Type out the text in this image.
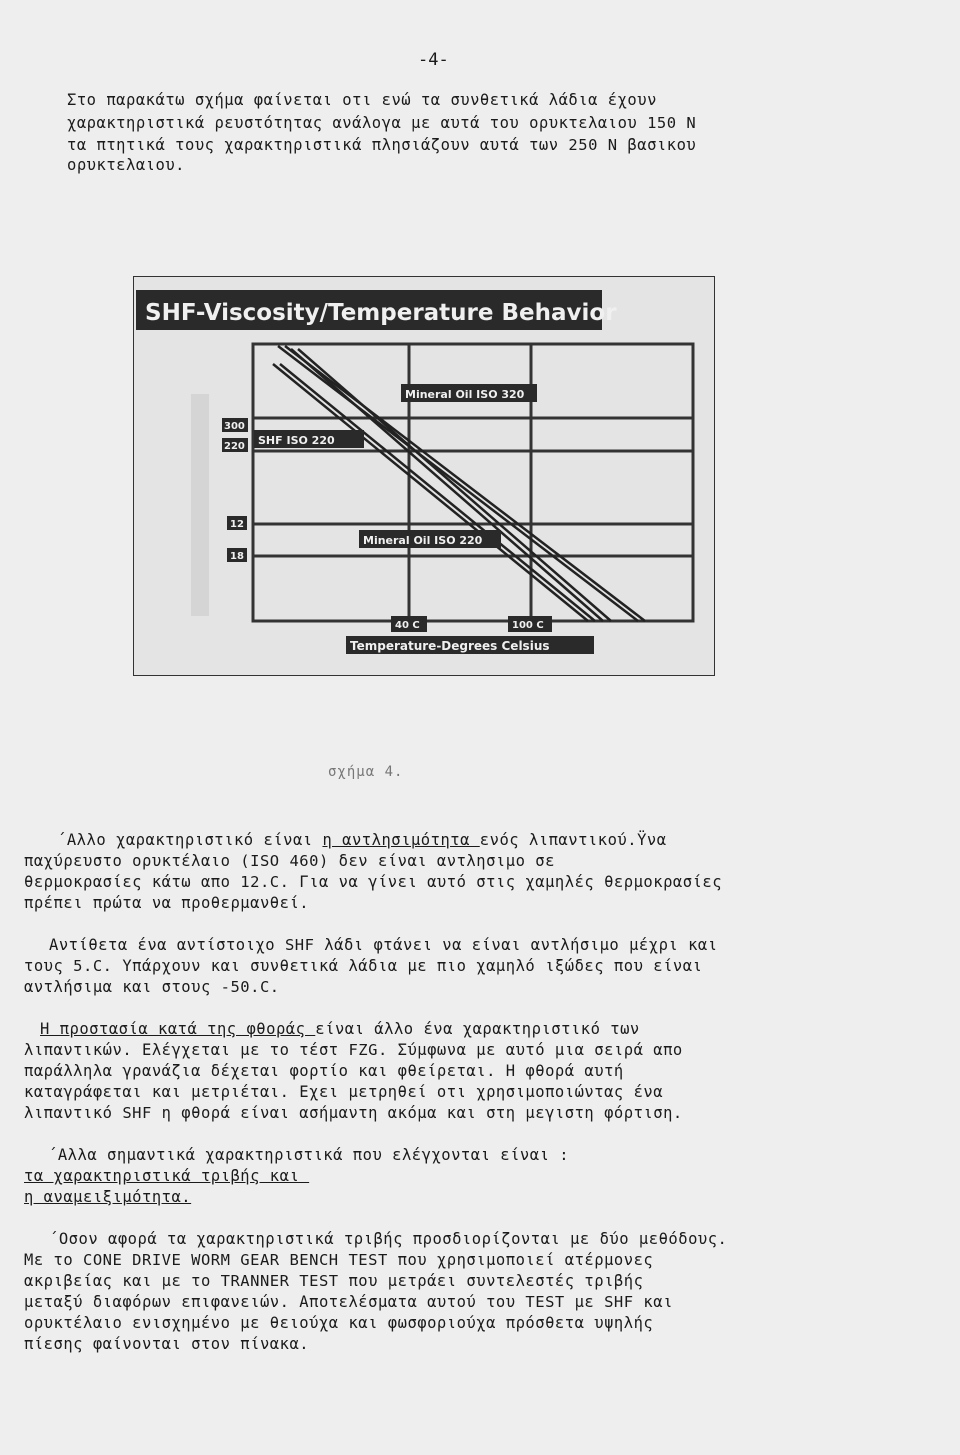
-4-
Στο παρακάτω σχήμα φαίνεται οτι ενώ τα συνθετικά λάδια έχουν
χαρακτηριστικά ρευστότητας ανάλογα με αυτά του ορυκτελαιου 150 N
τα πτητικά τους χαρακτηριστικά πλησιάζουν αυτά των 250 N βασικου
ορυκτελαιου.
SHF-Viscosity/Temperature Behavior
Mineral Oil ISO 320
SHF ISO 220
Mineral Oil ISO 220
300
220
12
18
40 C	100 C
Temperature-Degrees Celsius
σχήμα 4.
΄Αλλο χαρακτηριστικό είναι η αντλησιμότητα ενός λιπαντικού.Ϋνα
παχύρευστο ορυκτέλαιο (ISO 460) δεν είναι αντλησιμο σε
θερμοκρασίες κάτω απο 12.C. Για να γίνει αυτό στις χαμηλές θερμοκρασίες
πρέπει πρώτα να προθερμανθεί.
Αντίθετα ένα αντίστοιχο SHF λάδι φτάνει να είναι αντλήσιμο μέχρι και
τους 5.C. Υπάρχουν και συνθετικά λάδια με πιο χαμηλό ιξώδες που είναι
αντλήσιμα και στους -50.C.
Η προστασία κατά της φθοράς είναι άλλο ένα χαρακτηριστικό των
λιπαντικών. Ελέγχεται με το τέστ FZG. Σύμφωνα με αυτό μια σειρά απο
παράλληλα γρανάζια δέχεται φορτίο και φθείρεται. Η φθορά αυτή
καταγράφεται και μετριέται. Εχει μετρηθεί οτι χρησιμοποιώντας ένα
λιπαντικό SHF η φθορά είναι ασήμαντη ακόμα και στη μεγιστη φόρτιση.
΄Αλλα σημαντικά χαρακτηριστικά που ελέγχονται είναι :
τα χαρακτηριστικά τριβής και
η αναμειξιμότητα.
΄Οσον αφορά τα χαρακτηριστικά τριβής προσδιορίζονται με δύο μεθόδους.
Με το CONE DRIVE WORM GEAR BENCH TEST που χρησιμοποιεί ατέρμονες
ακριβείας και με το TRANNER TEST που μετράει συντελεστές τριβής
μεταξύ διαφόρων επιφανειών. Αποτελέσματα αυτού του TEST με SHF και
ορυκτέλαιο ενισχημένο με θειούχα και φωσφοριούχα πρόσθετα υψηλής
πίεσης φαίνονται στον πίνακα.
